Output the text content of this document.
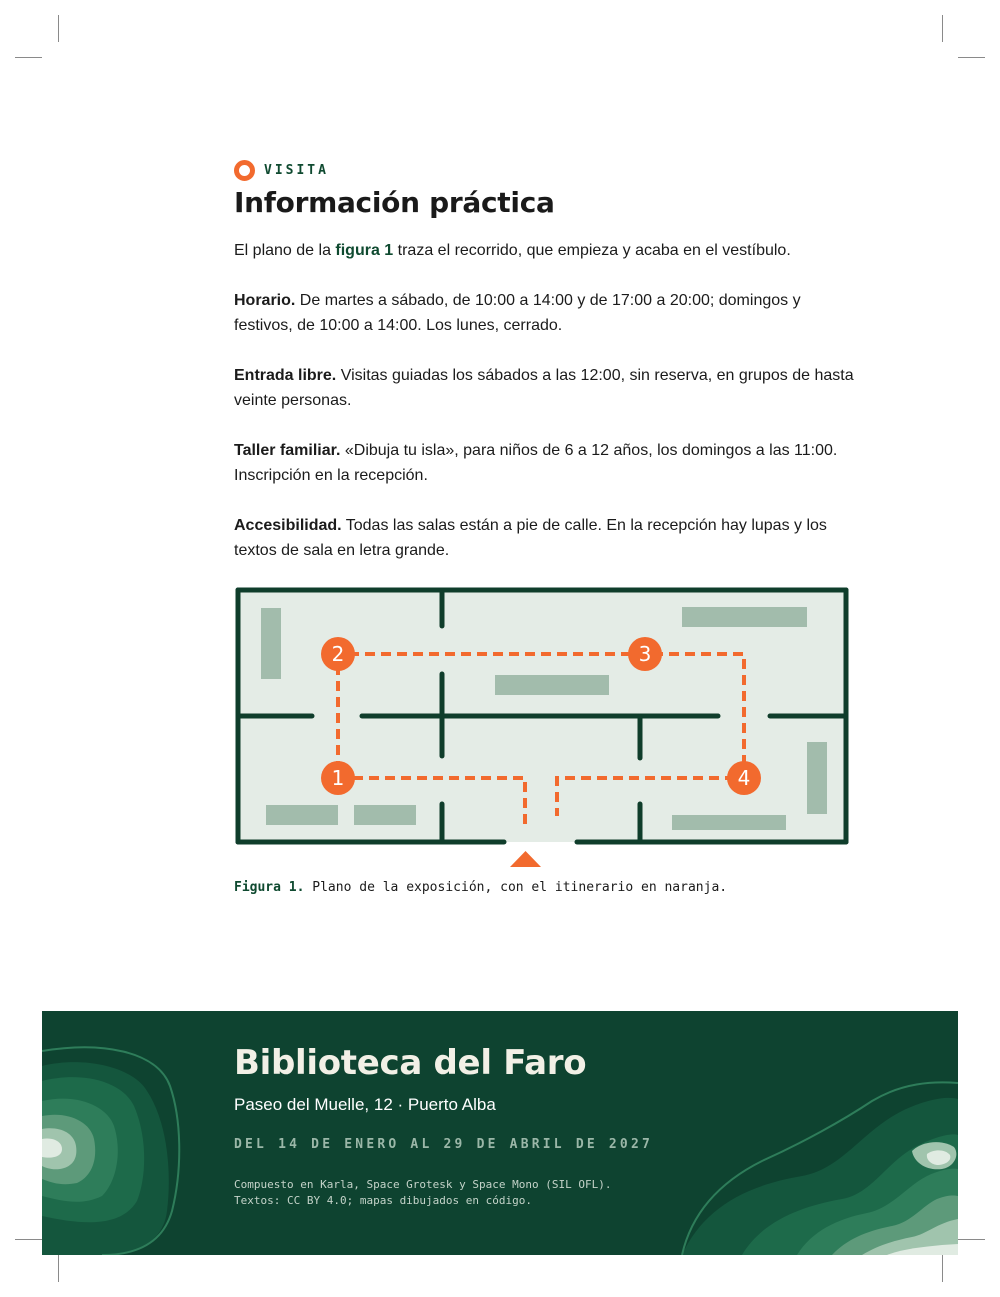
VISITA
Información práctica

El plano de la figura 1 traza el recorrido, que empieza y acaba en el vestíbulo.

Horario. De martes a sábado, de 10:00 a 14:00 y de 17:00 a 20:00; domingos y festivos, de 10:00 a 14:00. Los lunes, cerrado.

Entrada libre. Visitas guiadas los sábados a las 12:00, sin reserva, en grupos de hasta veinte personas.

Taller familiar. «Dibuja tu isla», para niños de 6 a 12 años, los domingos a las 11:00. Inscripción en la recepción.

Accesibilidad. Todas las salas están a pie de calle. En la recepción hay lupas y los textos de sala en letra grande.

1
2	3
4

Figura 1. Plano de la exposición, con el itinerario en naranja.

Biblioteca del Faro
Paseo del Muelle, 12 · Puerto Alba
DEL 14 DE ENERO AL 29 DE ABRIL DE 2027
Compuesto en Karla, Space Grotesk y Space Mono (SIL OFL).
Textos: CC BY 4.0; mapas dibujados en código.
